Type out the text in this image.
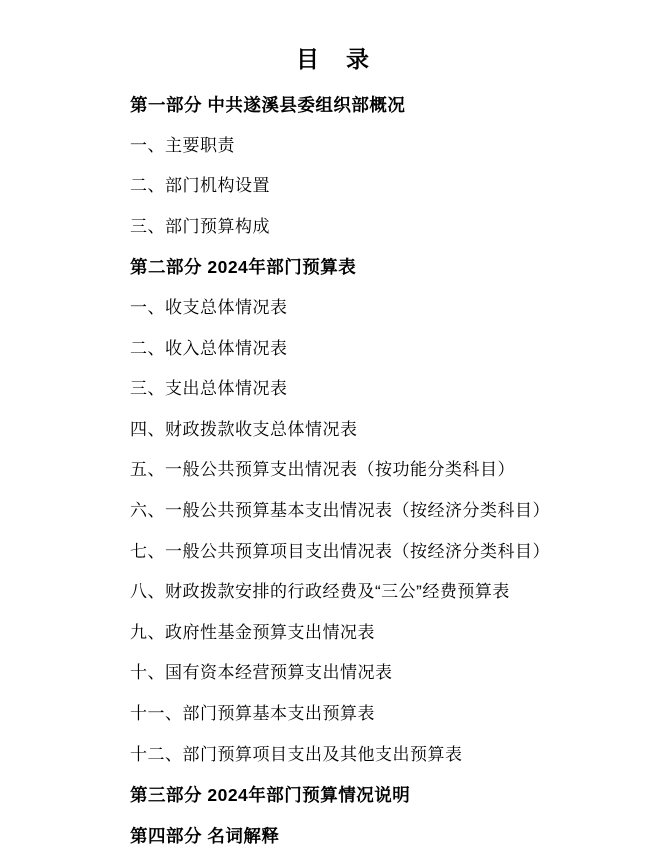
目　录
第一部分 中共遂溪县委组织部概况
一、主要职责
二、部门机构设置
三、部门预算构成
第二部分 2024年部门预算表
一、收支总体情况表
二、收入总体情况表
三、支出总体情况表
四、财政拨款收支总体情况表
五、一般公共预算支出情况表（按功能分类科目）
六、一般公共预算基本支出情况表（按经济分类科目）
七、一般公共预算项目支出情况表（按经济分类科目）
八、财政拨款安排的行政经费及“三公”经费预算表
九、政府性基金预算支出情况表
十、国有资本经营预算支出情况表
十一、部门预算基本支出预算表
十二、部门预算项目支出及其他支出预算表
第三部分 2024年部门预算情况说明
第四部分 名词解释
